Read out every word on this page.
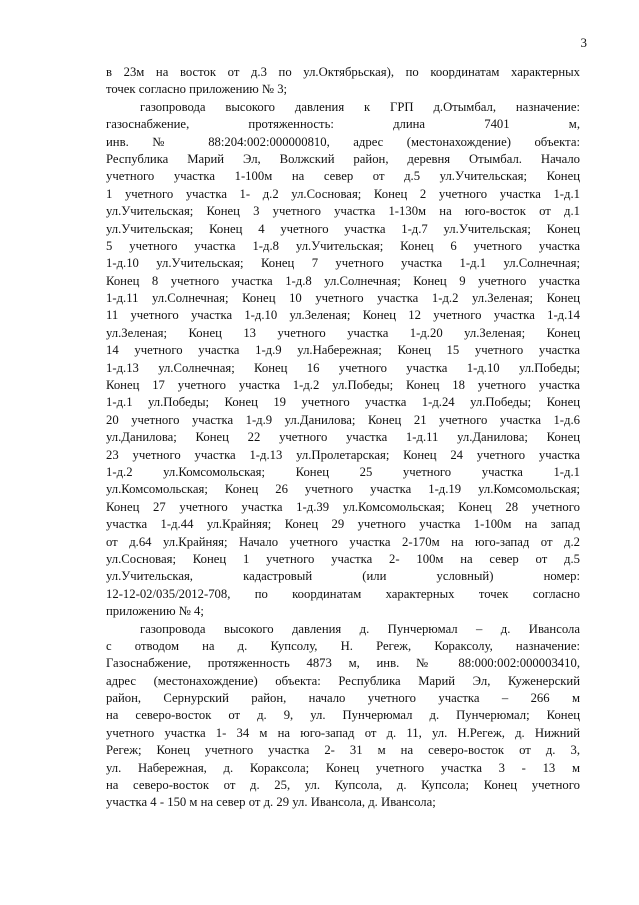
3
в 23м на восток от д.3 по ул.Октябрьская), по координатам характерных
точек согласно приложению № 3;
газопровода высокого давления к ГРП д.Отымбал, назначение:
газоснабжение, протяженность: длина 7401 м,
инв. № 88:204:002:000000810, адрес (местонахождение) объекта:
Республика Марий Эл, Волжский район, деревня Отымбал. Начало
учетного участка 1-100м на север от д.5 ул.Учительская; Конец
1 учетного участка 1- д.2 ул.Сосновая; Конец 2 учетного участка 1-д.1
ул.Учительская; Конец 3 учетного участка 1-130м на юго-восток от д.1
ул.Учительская; Конец 4 учетного участка 1-д.7 ул.Учительская; Конец
5 учетного участка 1-д.8 ул.Учительская; Конец 6 учетного участка
1-д.10 ул.Учительская; Конец 7 учетного участка 1-д.1 ул.Солнечная;
Конец 8 учетного участка 1-д.8 ул.Солнечная; Конец 9 учетного участка
1-д.11 ул.Солнечная; Конец 10 учетного участка 1-д.2 ул.Зеленая; Конец
11 учетного участка 1-д.10 ул.Зеленая; Конец 12 учетного участка 1-д.14
ул.Зеленая; Конец 13 учетного участка 1-д.20 ул.Зеленая; Конец
14 учетного участка 1-д.9 ул.Набережная; Конец 15 учетного участка
1-д.13 ул.Солнечная; Конец 16 учетного участка 1-д.10 ул.Победы;
Конец 17 учетного участка 1-д.2 ул.Победы; Конец 18 учетного участка
1-д.1 ул.Победы; Конец 19 учетного участка 1-д.24 ул.Победы; Конец
20 учетного участка 1-д.9 ул.Данилова; Конец 21 учетного участка 1-д.6
ул.Данилова; Конец 22 учетного участка 1-д.11 ул.Данилова; Конец
23 учетного участка 1-д.13 ул.Пролетарская; Конец 24 учетного участка
1-д.2 ул.Комсомольская; Конец 25 учетного участка 1-д.1
ул.Комсомольская; Конец 26 учетного участка 1-д.19 ул.Комсомольская;
Конец 27 учетного участка 1-д.39 ул.Комсомольская; Конец 28 учетного
участка 1-д.44 ул.Крайняя; Конец 29 учетного участка 1-100м на запад
от д.64 ул.Крайняя; Начало учетного участка 2-170м на юго-запад от д.2
ул.Сосновая; Конец 1 учетного участка 2- 100м на север от д.5
ул.Учительская, кадастровый (или условный) номер:
12-12-02/035/2012-708, по координатам характерных точек согласно
приложению № 4;
газопровода высокого давления д. Пунчерюмал – д. Ивансола
с отводом на д. Купсолу, Н. Регеж, Кораксолу, назначение:
Газоснабжение, протяженность 4873 м, инв. № 88:000:002:000003410,
адрес (местонахождение) объекта: Республика Марий Эл, Куженерский
район, Сернурский район, начало учетного участка – 266 м
на северо-восток от д. 9, ул. Пунчерюмал д. Пунчерюмал; Конец
учетного участка 1- 34 м на юго-запад от д. 11, ул. Н.Регеж, д. Нижний
Регеж; Конец учетного участка 2- 31 м на северо-восток от д. 3,
ул. Набережная, д. Кораксола; Конец учетного участка 3 - 13 м
на северо-восток от д. 25, ул. Купсола, д. Купсола; Конец учетного
участка 4 - 150 м на север от д. 29 ул. Ивансола, д. Ивансола;
